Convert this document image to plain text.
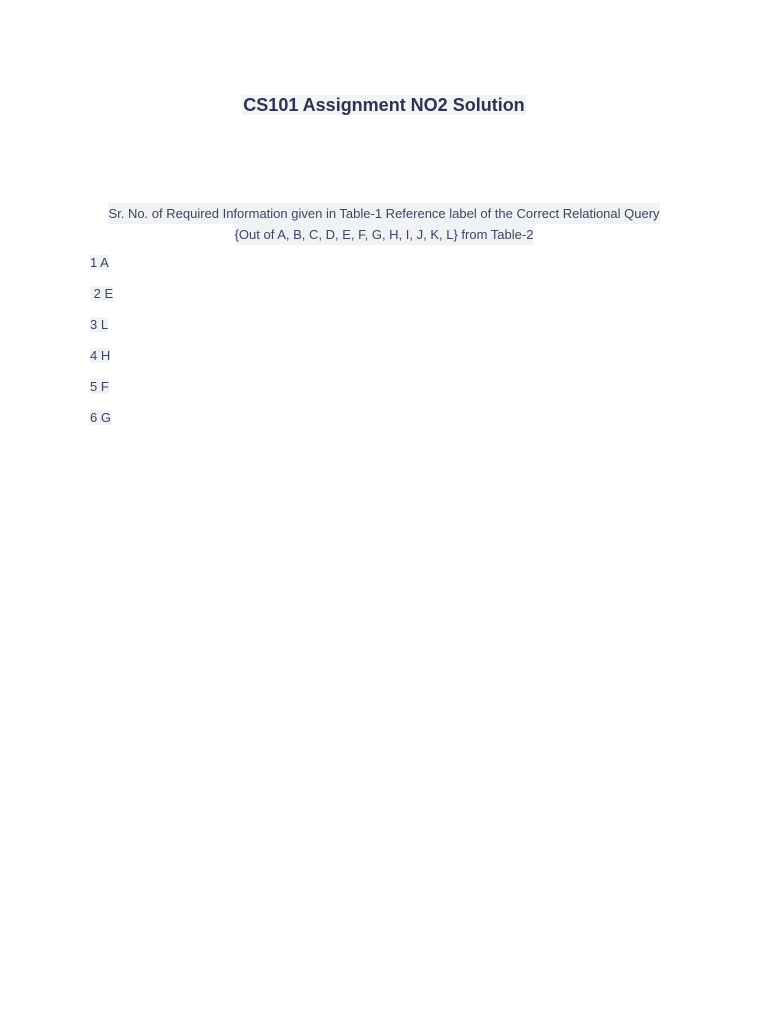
CS101 Assignment NO2 Solution
Sr. No. of Required Information given in Table-1 Reference label of the Correct Relational Query
{Out of A, B, C, D, E, F, G, H, I, J, K, L} from Table-2
1 A
2 E
3 L
4 H
5 F
6 G
